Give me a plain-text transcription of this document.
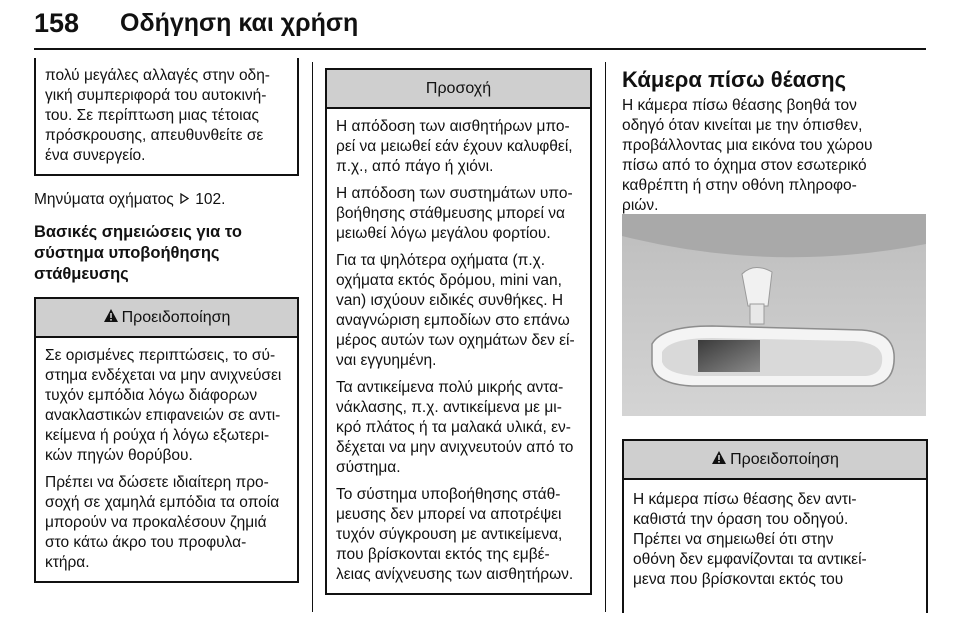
158 Οδήγηση και χρήση

πολύ μεγάλες αλλαγές στην οδη‐

γική συμπεριφορά του αυτοκινή‐

του. Σε περίπτωση μιας τέτοιας

πρόσκρουσης, απευθυνθείτε σε

ένα συνεργείο.

Μηνύματα οχήματος 102.

Βασικές σημειώσεις για το

σύστημα υποβοήθησης

στάθμευσης

Προειδοποίηση

Σε ορισμένες περιπτώσεις, το σύ‐
στημα ενδέχεται να μην ανιχνεύσει
τυχόν εμπόδια λόγω διάφορων
ανακλαστικών επιφανειών σε αντι‐
κείμενα ή ρούχα ή λόγω εξωτερι‐
κών πηγών θορύβου.

Πρέπει να δώσετε ιδιαίτερη προ‐
σοχή σε χαμηλά εμπόδια τα οποία
μπορούν να προκαλέσουν ζημιά
στο κάτω άκρο του προφυλα‐
κτήρα.

Προσοχή

Η απόδοση των αισθητήρων μπο‐
ρεί να μειωθεί εάν έχουν καλυφθεί,
π.χ., από πάγο ή χιόνι.

Η απόδοση των συστημάτων υπο‐
βοήθησης στάθμευσης μπορεί να
μειωθεί λόγω μεγάλου φορτίου.

Για τα ψηλότερα οχήματα (π.χ.
οχήματα εκτός δρόμου, mini van,
van) ισχύουν ειδικές συνθήκες. Η
αναγνώριση εμποδίων στο επάνω
μέρος αυτών των οχημάτων δεν εί‐
ναι εγγυημένη.

Τα αντικείμενα πολύ μικρής αντα‐
νάκλασης, π.χ. αντικείμενα με μι‐
κρό πλάτος ή τα μαλακά υλικά, εν‐
δέχεται να μην ανιχνευτούν από το
σύστημα.

Το σύστημα υποβοήθησης στάθ‐
μευσης δεν μπορεί να αποτρέψει
τυχόν σύγκρουση με αντικείμενα,
που βρίσκονται εκτός της εμβέ‐
λειας ανίχνευσης των αισθητήρων.

Κάμερα πίσω θέασης

Η κάμερα πίσω θέασης βοηθά τον

οδηγό όταν κινείται με την όπισθεν,

προβάλλοντας μια εικόνα του χώρου

πίσω από το όχημα στον εσωτερικό

καθρέπτη ή στην οθόνη πληροφο‐

ριών.

Προειδοποίηση
Η κάμερα πίσω θέασης δεν αντι‐
καθιστά την όραση του οδηγού.
Πρέπει να σημειωθεί ότι στην
οθόνη δεν εμφανίζονται τα αντικεί‐
μενα που βρίσκονται εκτός του
